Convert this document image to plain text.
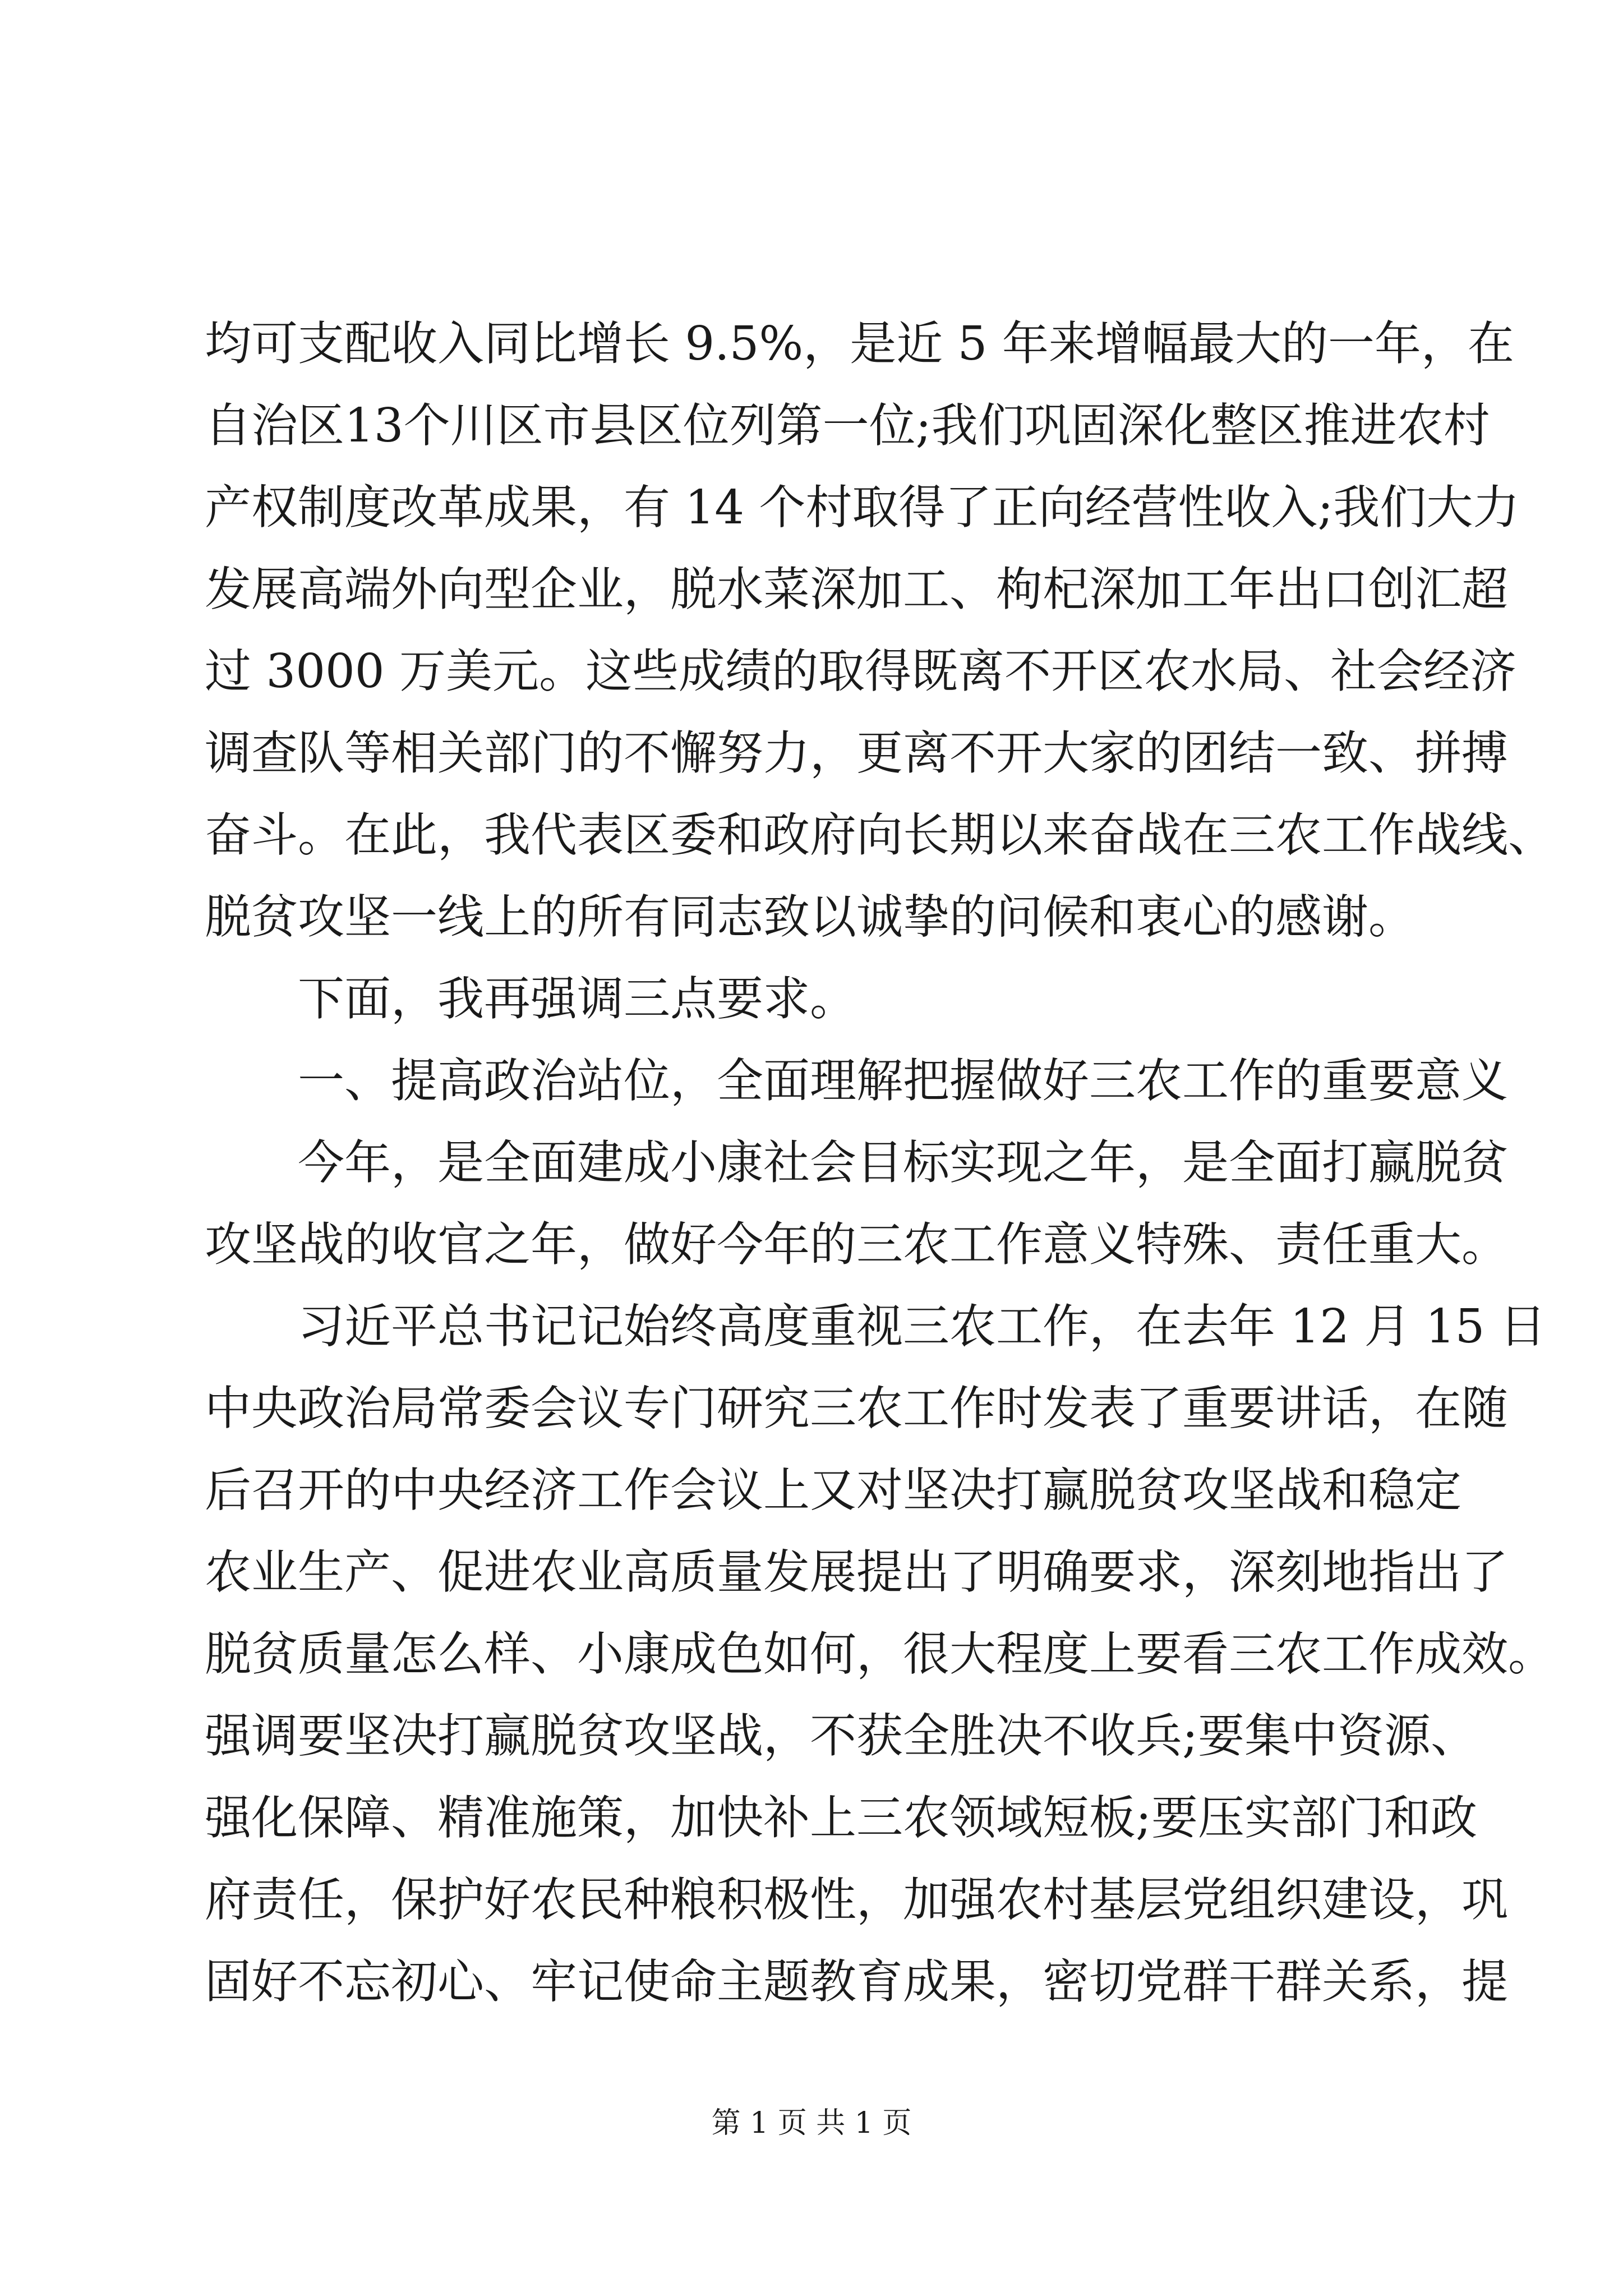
均可支配收入同比增长 9.5%，是近 5 年来增幅最大的一年，在
自治区13个川区市县区位列第一位;我们巩固深化整区推进农村
产权制度改革成果，有 14 个村取得了正向经营性收入;我们大力
发展高端外向型企业，脱水菜深加工、枸杞深加工年出口创汇超
过 3000 万美元。这些成绩的取得既离不开区农水局、社会经济
调查队等相关部门的不懈努力，更离不开大家的团结一致、拼搏
奋斗。在此，我代表区委和政府向长期以来奋战在三农工作战线、
脱贫攻坚一线上的所有同志致以诚挚的问候和衷心的感谢。
下面，我再强调三点要求。
一、提高政治站位，全面理解把握做好三农工作的重要意义
今年，是全面建成小康社会目标实现之年，是全面打赢脱贫
攻坚战的收官之年，做好今年的三农工作意义特殊、责任重大。
习近平总书记记始终高度重视三农工作，在去年 12 月 15 日
中央政治局常委会议专门研究三农工作时发表了重要讲话，在随
后召开的中央经济工作会议上又对坚决打赢脱贫攻坚战和稳定
农业生产、促进农业高质量发展提出了明确要求，深刻地指出了
脱贫质量怎么样、小康成色如何，很大程度上要看三农工作成效。
强调要坚决打赢脱贫攻坚战，不获全胜决不收兵;要集中资源、
强化保障、精准施策，加快补上三农领域短板;要压实部门和政
府责任，保护好农民种粮积极性，加强农村基层党组织建设，巩
固好不忘初心、牢记使命主题教育成果，密切党群干群关系，提
第 1 页 共 1 页
